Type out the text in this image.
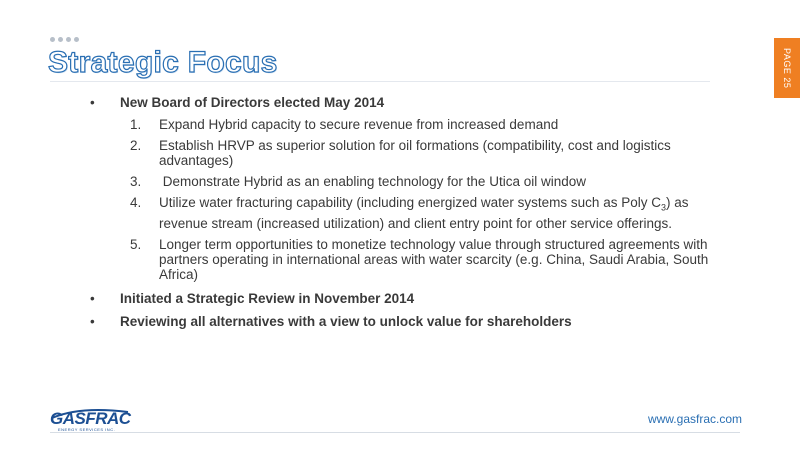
Strategic Focus	PAGE 25
•	New Board of Directors elected May 2014
1.	Expand Hybrid capacity to secure revenue from increased demand
2.	Establish HRVP as superior solution for oil formations (compatibility, cost and logistics advantages)
3.	Demonstrate Hybrid as an enabling technology for the Utica oil window
4.	Utilize water fracturing capability (including energized water systems such as Poly $C_3$) as revenue stream (increased utilization) and client entry point for other service offerings.
5.	Longer term opportunities to monetize technology value through structured agreements with partners operating in international areas with water scarcity (e.g. China, Saudi Arabia, South Africa)
•	Initiated a Strategic Review in November 2014
•	Reviewing all alternatives with a view to unlock value for shareholders
GASFRAC
ENERGY SERVICES INC.
www.gasfrac.com
